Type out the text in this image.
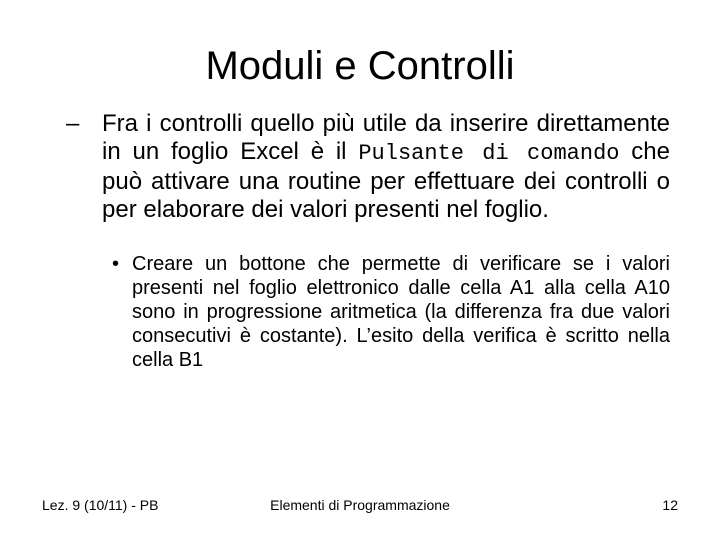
Moduli e Controlli
– Fra i controlli quello più utile da inserire direttamente in un foglio Excel è il Pulsante di comando che può attivare una routine per effettuare dei controlli o per elaborare dei valori presenti nel foglio.
• Creare un bottone che permette di verificare se i valori presenti nel foglio elettronico dalle cella A1 alla cella A10 sono in progressione aritmetica (la differenza fra due valori consecutivi è costante). L’esito della verifica è scritto nella cella B1
Lez. 9 (10/11) - PB	Elementi di Programmazione	12
